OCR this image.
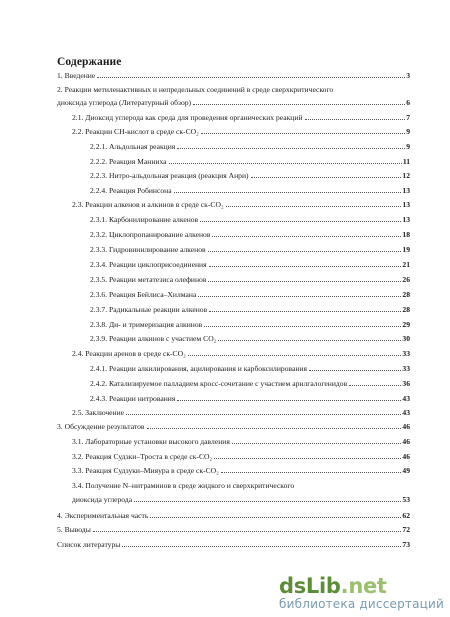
Содержание
1. Введение	3
2. Реакции метиленактивных и непредельных соединений в среде сверхкритического
диоксида углерода (Литературный обзор)	6
2.1. Диоксид углерода как среда для проведения органических реакций	7
2.2. Реакции СН-кислот в среде ск-СО₂	9
2.2.1. Альдольная реакция	9
2.2.2. Реакция Манниха	11
2.2.3. Нитро-альдольная реакция (реакция Анри)	12
2.2.4. Реакция Робинсона	13
2.3. Реакции алкенов и алкинов в среде ск-СО₂	13
2.3.1. Карбонилирование алкенов	13
2.3.2. Циклопропанирование алкенов	18
2.3.3. Гидровинилирование алкенов	19
2.3.4. Реакции циклоприсоединения	21
2.3.5. Реакции метатезиса олефинов	26
2.3.6. Реакция Бейлиса–Хилмана	28
2.3.7. Радикальные реакции алкенов	28
2.3.8. Ди- и тримеризация алкинов	29
2.3.9. Реакции алкинов с участием СО₂	30
2.4. Реакции аренов в среде ск-СО₂	33
2.4.1. Реакции алкилирования, ацилирования и карбоксилирования	33
2.4.2. Катализируемое палладием кросс-сочетание с участием арилгалогенидов	36
2.4.3. Реакции нитрования	43
2.5. Заключение	43
3. Обсуждение результатов	46
3.1. Лабораторные установки высокого давления	46
3.2. Реакция Судзки–Троста в среде ск-СО₂	46
3.3. Реакция Судзуки–Мияура в среде ск-СО₂	49
3.4. Получение N–нитраминов в среде жидкого и сверхкритического
диоксида углерода	53
4. Экспериментальная часть	62
5. Выводы	72
Список литературы	73
dsLib.net
библиотека диссертаций
